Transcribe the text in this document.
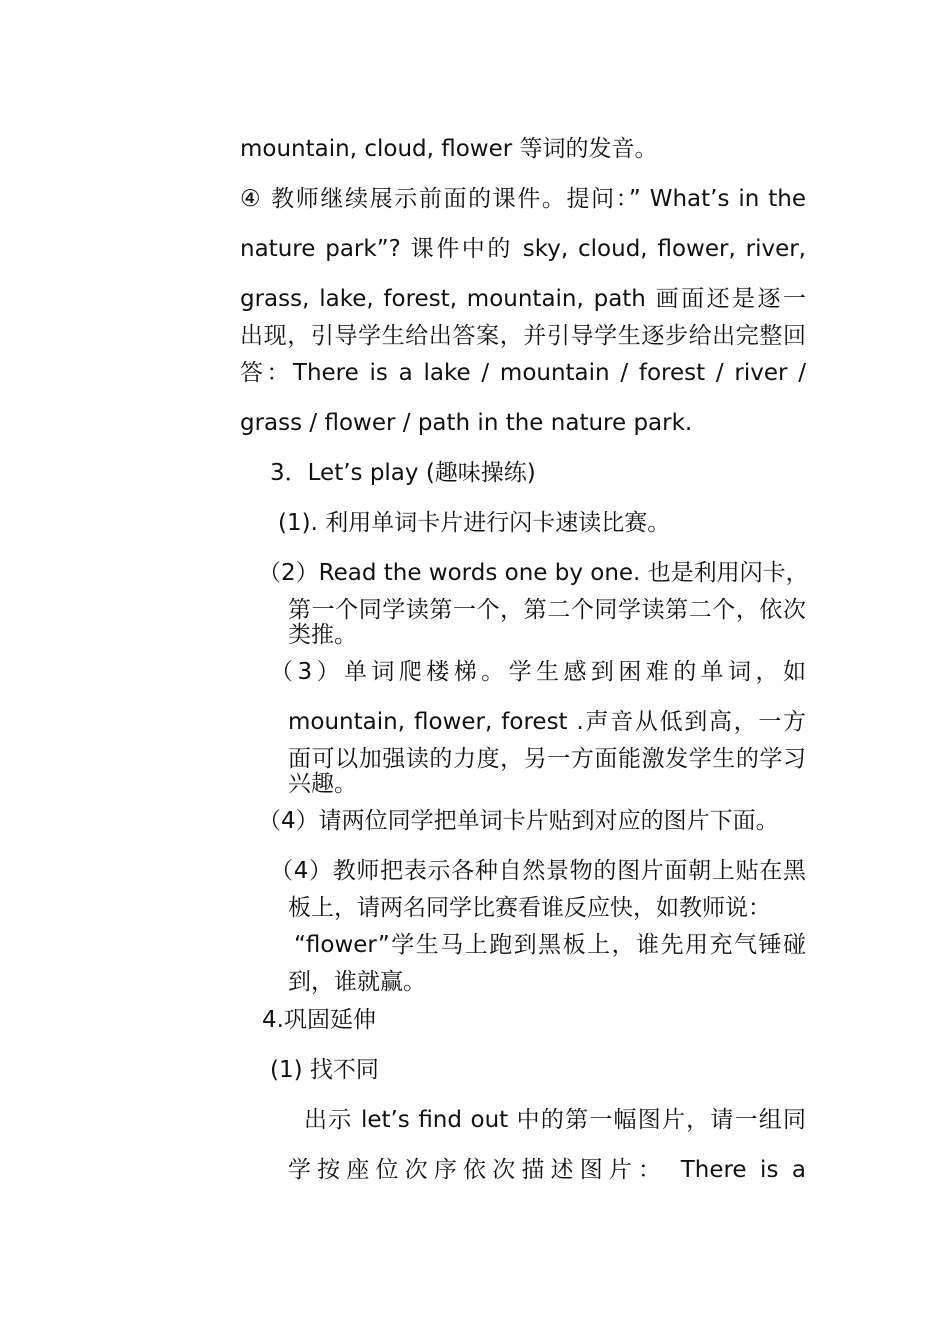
mountain, cloud, flower 等词的发音。
④ 教师继续展示前面的课件。提问：” What’s in the
nature park”? 课件中的 sky, cloud, flower, river,
grass, lake, forest, mountain, path 画面还是逐一
出现，引导学生给出答案，并引导学生逐步给出完整回
答：There is a lake / mountain / forest / river /
grass / flower / path in the nature park.
3．Let’s play (趣味操练)
(1). 利用单词卡片进行闪卡速读比赛。
（2）Read the words one by one. 也是利用闪卡，
第一个同学读第一个，第二个同学读第二个，依次
类推。
（3）单词爬楼梯。学生感到困难的单词，如
mountain, flower, forest .声音从低到高，一方
面可以加强读的力度，另一方面能激发学生的学习
兴趣。
（4）请两位同学把单词卡片贴到对应的图片下面。
（4）教师把表示各种自然景物的图片面朝上贴在黑
板上，请两名同学比赛看谁反应快，如教师说：
“flower”学生马上跑到黑板上，谁先用充气锤碰
到，谁就赢。
4.巩固延伸
(1) 找不同
出示 let’s find out 中的第一幅图片，请一组同
学按座位次序依次描述图片： There is a
